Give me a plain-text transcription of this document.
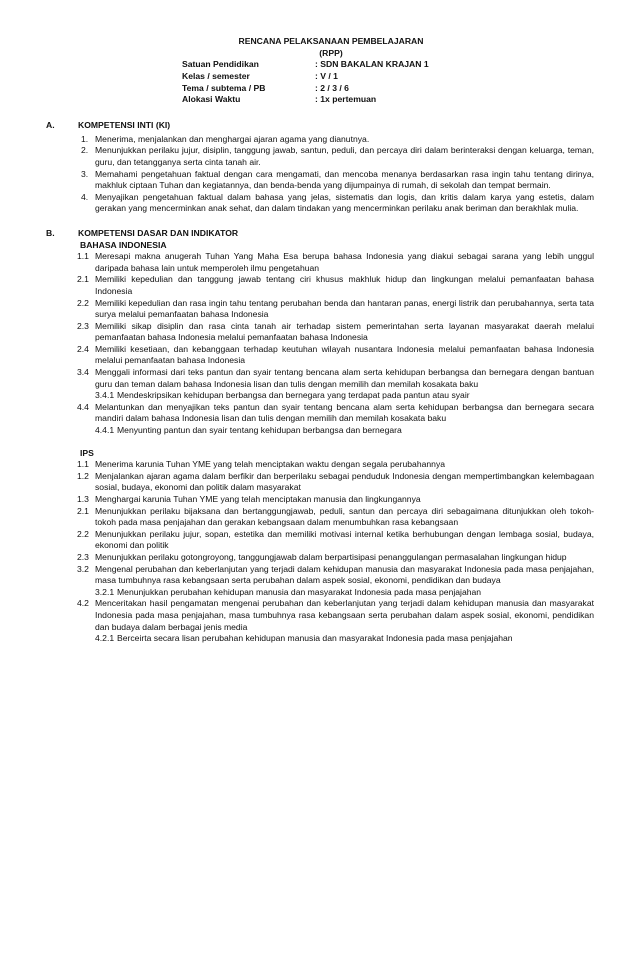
RENCANA PELAKSANAAN PEMBELAJARAN
(RPP)
Satuan Pendidikan	: SDN BAKALAN KRAJAN 1
Kelas / semester	: V / 1
Tema / subtema / PB	: 2 / 3 / 6
Alokasi Waktu	: 1x pertemuan
A.	KOMPETENSI INTI (KI)
1. Menerima, menjalankan dan menghargai ajaran agama yang dianutnya.
2. Menunjukkan perilaku jujur, disiplin, tanggung jawab, santun, peduli, dan percaya diri dalam berinteraksi dengan keluarga, teman, guru, dan tetangganya serta cinta tanah air.
3. Memahami pengetahuan faktual dengan cara mengamati, dan mencoba menanya berdasarkan rasa ingin tahu tentang dirinya, makhluk ciptaan Tuhan dan kegiatannya, dan benda-benda yang dijumpainya di rumah, di sekolah dan tempat bermain.
4. Menyajikan pengetahuan faktual dalam bahasa yang jelas, sistematis dan logis, dan kritis dalam karya yang estetis, dalam gerakan yang mencerminkan anak sehat, dan dalam tindakan yang mencerminkan perilaku anak beriman dan berakhlak mulia.
B.	KOMPETENSI DASAR DAN INDIKATOR
BAHASA INDONESIA
1.1 Meresapi makna anugerah Tuhan Yang Maha Esa berupa bahasa Indonesia yang diakui sebagai sarana yang lebih unggul daripada bahasa lain untuk memperoleh ilmu pengetahuan
2.1 Memiliki kepedulian dan tanggung jawab tentang ciri khusus makhluk hidup dan lingkungan melalui pemanfaatan bahasa Indonesia
2.2 Memiliki kepedulian dan rasa ingin tahu tentang perubahan benda dan hantaran panas, energi listrik dan perubahannya, serta tata surya melalui pemanfaatan bahasa Indonesia
2.3 Memiliki sikap disiplin dan rasa cinta tanah air terhadap sistem pemerintahan serta layanan masyarakat daerah melalui pemanfaatan bahasa Indonesia melalui pemanfaatan bahasa Indonesia
2.4 Memiliki kesetiaan, dan kebanggaan terhadap keutuhan wilayah nusantara Indonesia melalui pemanfaatan bahasa Indonesia melalui pemanfaatan bahasa Indonesia
3.4 Menggali informasi dari teks pantun dan syair tentang bencana alam serta kehidupan berbangsa dan bernegara dengan bantuan guru dan teman dalam bahasa Indonesia lisan dan tulis dengan memilih dan memilah kosakata baku
3.4.1 Mendeskripsikan kehidupan berbangsa dan bernegara yang terdapat pada pantun atau syair
4.4 Melantunkan dan menyajikan teks pantun dan syair tentang bencana alam serta kehidupan berbangsa dan bernegara secara mandiri dalam bahasa Indonesia lisan dan tulis dengan memilih dan memilah kosakata baku
4.4.1 Menyunting pantun dan syair tentang kehidupan berbangsa dan bernegara
IPS
1.1 Menerima karunia Tuhan YME yang telah menciptakan waktu dengan segala perubahannya
1.2 Menjalankan ajaran agama dalam berfikir dan berperilaku sebagai penduduk Indonesia dengan mempertimbangkan kelembagaan sosial, budaya, ekonomi dan politik dalam masyarakat
1.3 Menghargai karunia Tuhan YME yang telah menciptakan manusia dan lingkungannya
2.1 Menunjukkan perilaku bijaksana dan bertanggungjawab, peduli, santun dan percaya diri sebagaimana ditunjukkan oleh tokoh-tokoh pada masa penjajahan dan gerakan kebangsaan dalam menumbuhkan rasa kebangsaan
2.2 Menunjukkan perilaku jujur, sopan, estetika dan memiliki motivasi internal ketika berhubungan dengan lembaga sosial, budaya, ekonomi dan politik
2.3 Menunjukkan perilaku gotongroyong, tanggungjawab dalam berpartisipasi penanggulangan permasalahan lingkungan hidup
3.2 Mengenal perubahan dan keberlanjutan yang terjadi dalam kehidupan manusia dan masyarakat Indonesia pada masa penjajahan, masa tumbuhnya rasa kebangsaan serta perubahan dalam aspek sosial, ekonomi, pendidikan dan budaya
3.2.1 Menunjukkan perubahan kehidupan manusia dan masyarakat Indonesia pada masa penjajahan
4.2 Menceritakan hasil pengamatan mengenai perubahan dan keberlanjutan yang terjadi dalam kehidupan manusia dan masyarakat Indonesia pada masa penjajahan, masa tumbuhnya rasa kebangsaan serta perubahan dalam aspek sosial, ekonomi, pendidikan dan budaya dalam berbagai jenis media
4.2.1 Berceirta secara lisan perubahan kehidupan manusia dan masyarakat Indonesia pada masa penjajahan
